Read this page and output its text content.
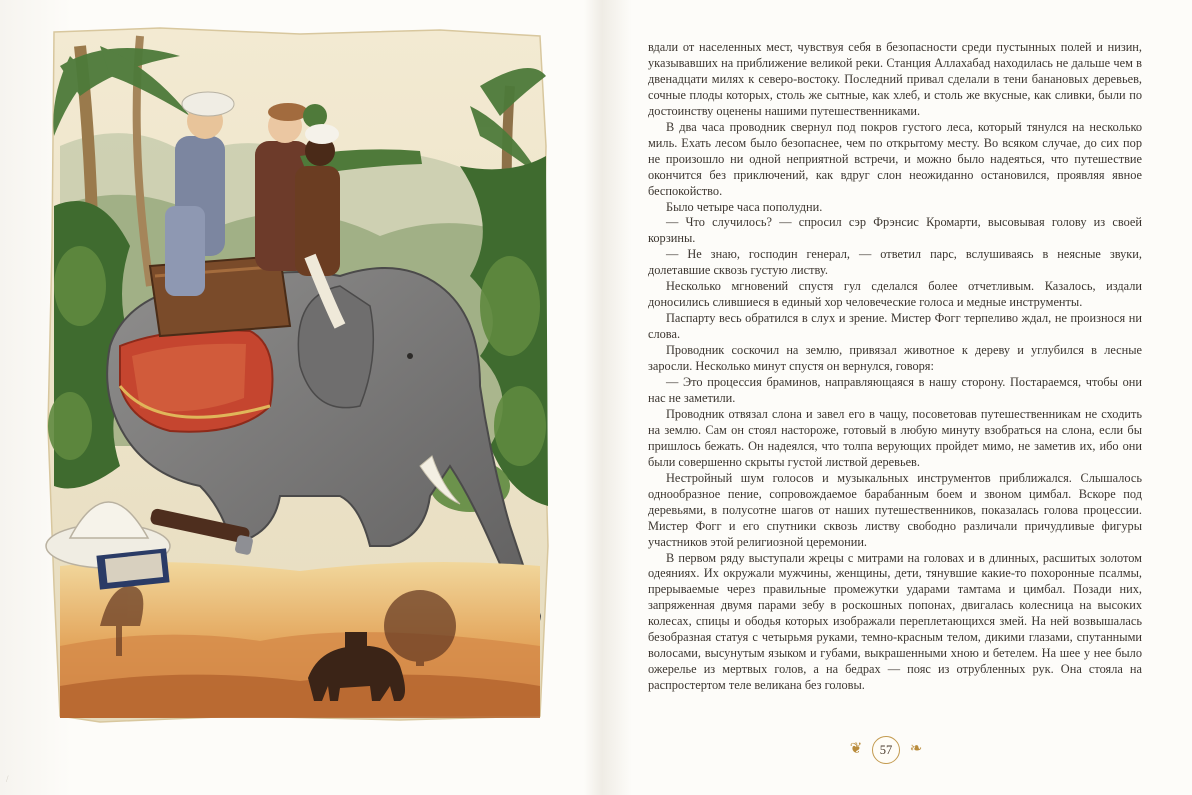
вдали от населенных мест, чувствуя себя в безопасности среди пустынных полей и низин, указывавших на приближение великой реки. Станция Аллахабад находилась не дальше чем в двенадцати милях к северо-востоку. Последний привал сделали в тени банановых деревьев, сочные плоды которых, столь же сытные, как хлеб, и столь же вкусные, как сливки, были по достоинству оценены нашими путешественниками.

В два часа проводник свернул под покров густого леса, который тянулся на несколько миль. Ехать лесом было безопаснее, чем по открытому месту. Во всяком случае, до сих пор не произошло ни одной неприятной встречи, и можно было надеяться, что путешествие окончится без приключений, как вдруг слон неожиданно остановился, проявляя явное беспокойство.

Было четыре часа пополудни.

— Что случилось? — спросил сэр Фрэнсис Кромарти, высовывая голову из своей корзины.

— Не знаю, господин генерал, — ответил парс, вслушиваясь в неясные звуки, долетавшие сквозь густую листву.

Несколько мгновений спустя гул сделался более отчетливым. Казалось, издали доносились слившиеся в единый хор человеческие голоса и медные инструменты.

Паспарту весь обратился в слух и зрение. Мистер Фогг терпеливо ждал, не произнося ни слова.

Проводник соскочил на землю, привязал животное к дереву и углубился в лесные заросли. Несколько минут спустя он вернулся, говоря:

— Это процессия браминов, направляющаяся в нашу сторону. Постараемся, чтобы они нас не заметили.

Проводник отвязал слона и завел его в чащу, посоветовав путешественникам не сходить на землю. Сам он стоял настороже, готовый в любую минуту взобраться на слона, если бы пришлось бежать. Он надеялся, что толпа верующих пройдет мимо, не заметив их, ибо они были совершенно скрыты густой листвой деревьев.

Нестройный шум голосов и музыкальных инструментов приближался. Слышалось однообразное пение, сопровождаемое барабанным боем и звоном цимбал. Вскоре под деревьями, в полусотне шагов от наших путешественников, показалась голова процессии. Мистер Фогг и его спутники сквозь листву свободно различали причудливые фигуры участников этой религиозной церемонии.

В первом ряду выступали жрецы с митрами на головах и в длинных, расшитых золотом одеяниях. Их окружали мужчины, женщины, дети, тянувшие какие-то похоронные псалмы, прерываемые через правильные промежутки ударами тамтама и цимбал. Позади них, запряженная двумя парами зебу в роскошных попонах, двигалась колесница на высоких колесах, спицы и ободья которых изображали переплетающихся змей. На ней возвышалась безобразная статуя с четырьмя руками, темно-красным телом, дикими глазами, спутанными волосами, высунутым языком и губами, выкрашенными хною и бетелем. На шее у нее было ожерелье из мертвых голов, а на бедрах — пояс из отрубленных рук. Она стояла на распростертом теле великана без головы.

❦	57	❧
/
